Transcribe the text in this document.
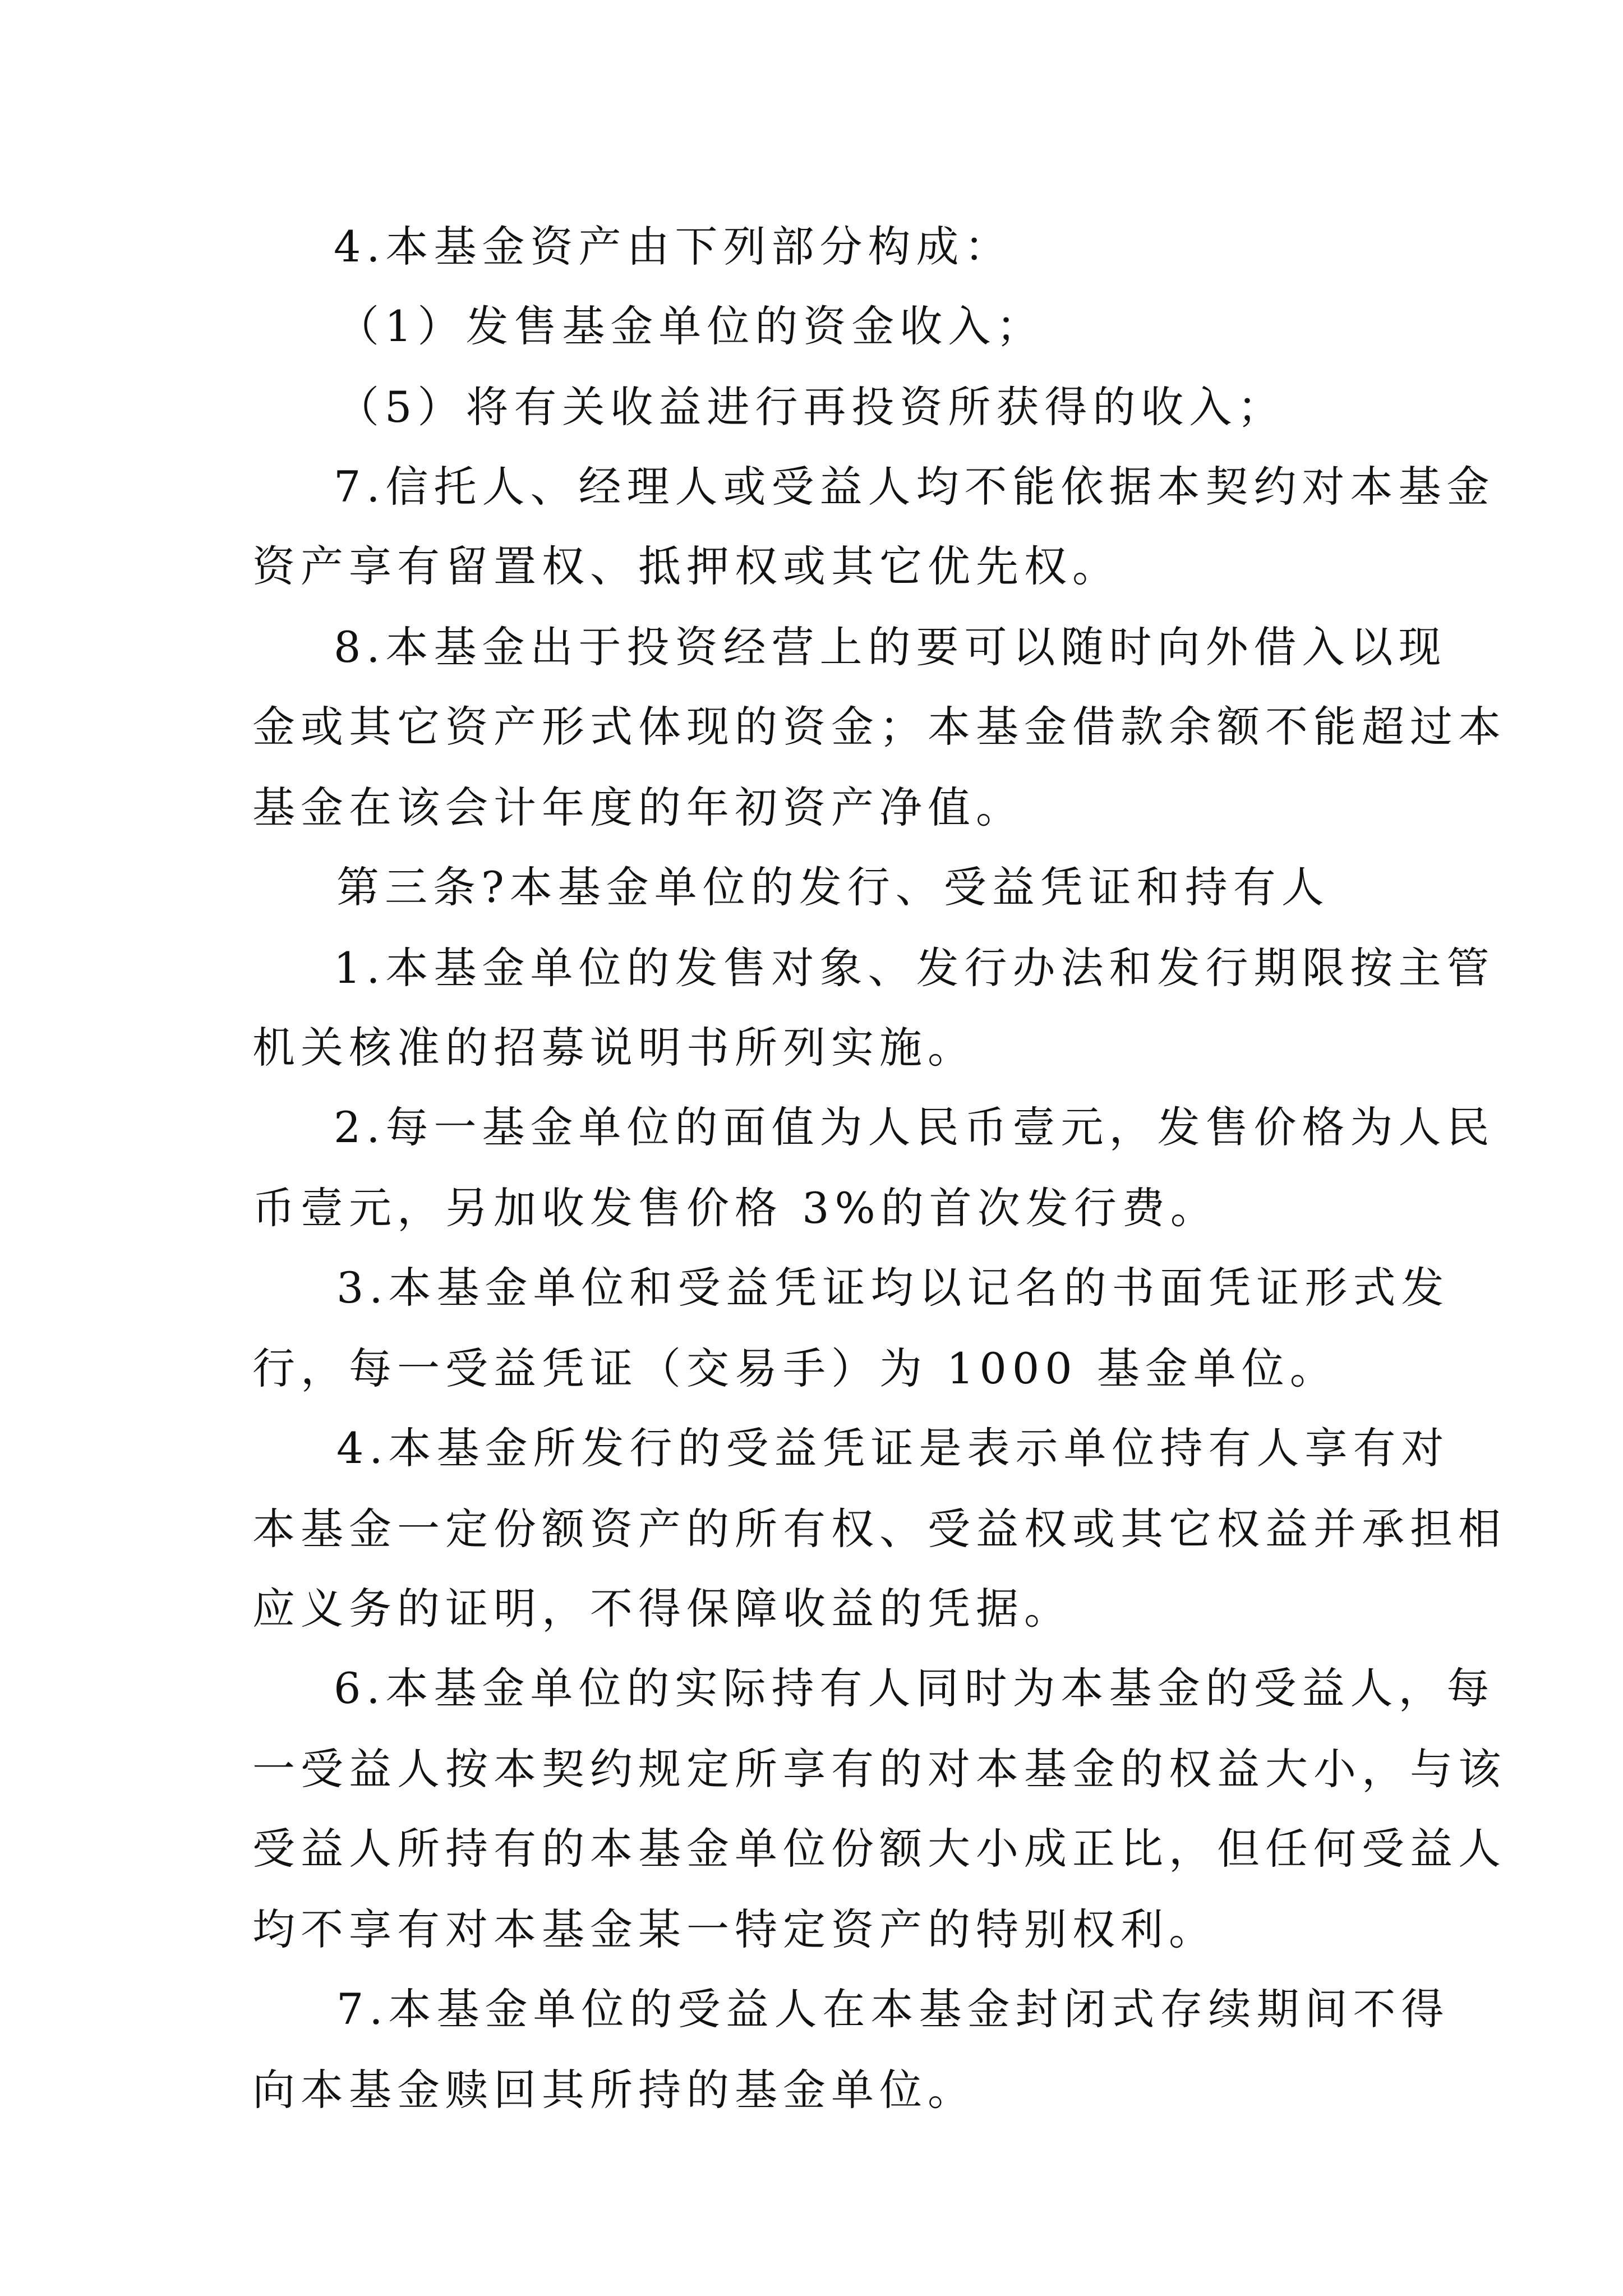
4.本基金资产由下列部分构成：
（1）发售基金单位的资金收入；
（5）将有关收益进行再投资所获得的收入；
7.信托人、经理人或受益人均不能依据本契约对本基金
资产享有留置权、抵押权或其它优先权。
8.本基金出于投资经营上的要可以随时向外借入以现
金或其它资产形式体现的资金；本基金借款余额不能超过本
基金在该会计年度的年初资产净值。
第三条?本基金单位的发行、受益凭证和持有人
1.本基金单位的发售对象、发行办法和发行期限按主管
机关核准的招募说明书所列实施。
2.每一基金单位的面值为人民币壹元，发售价格为人民
币壹元，另加收发售价格 3%的首次发行费。
3.本基金单位和受益凭证均以记名的书面凭证形式发
行，每一受益凭证（交易手）为 1000 基金单位。
4.本基金所发行的受益凭证是表示单位持有人享有对
本基金一定份额资产的所有权、受益权或其它权益并承担相
应义务的证明，不得保障收益的凭据。
6.本基金单位的实际持有人同时为本基金的受益人，每
一受益人按本契约规定所享有的对本基金的权益大小，与该
受益人所持有的本基金单位份额大小成正比，但任何受益人
均不享有对本基金某一特定资产的特别权利。
7.本基金单位的受益人在本基金封闭式存续期间不得
向本基金赎回其所持的基金单位。
